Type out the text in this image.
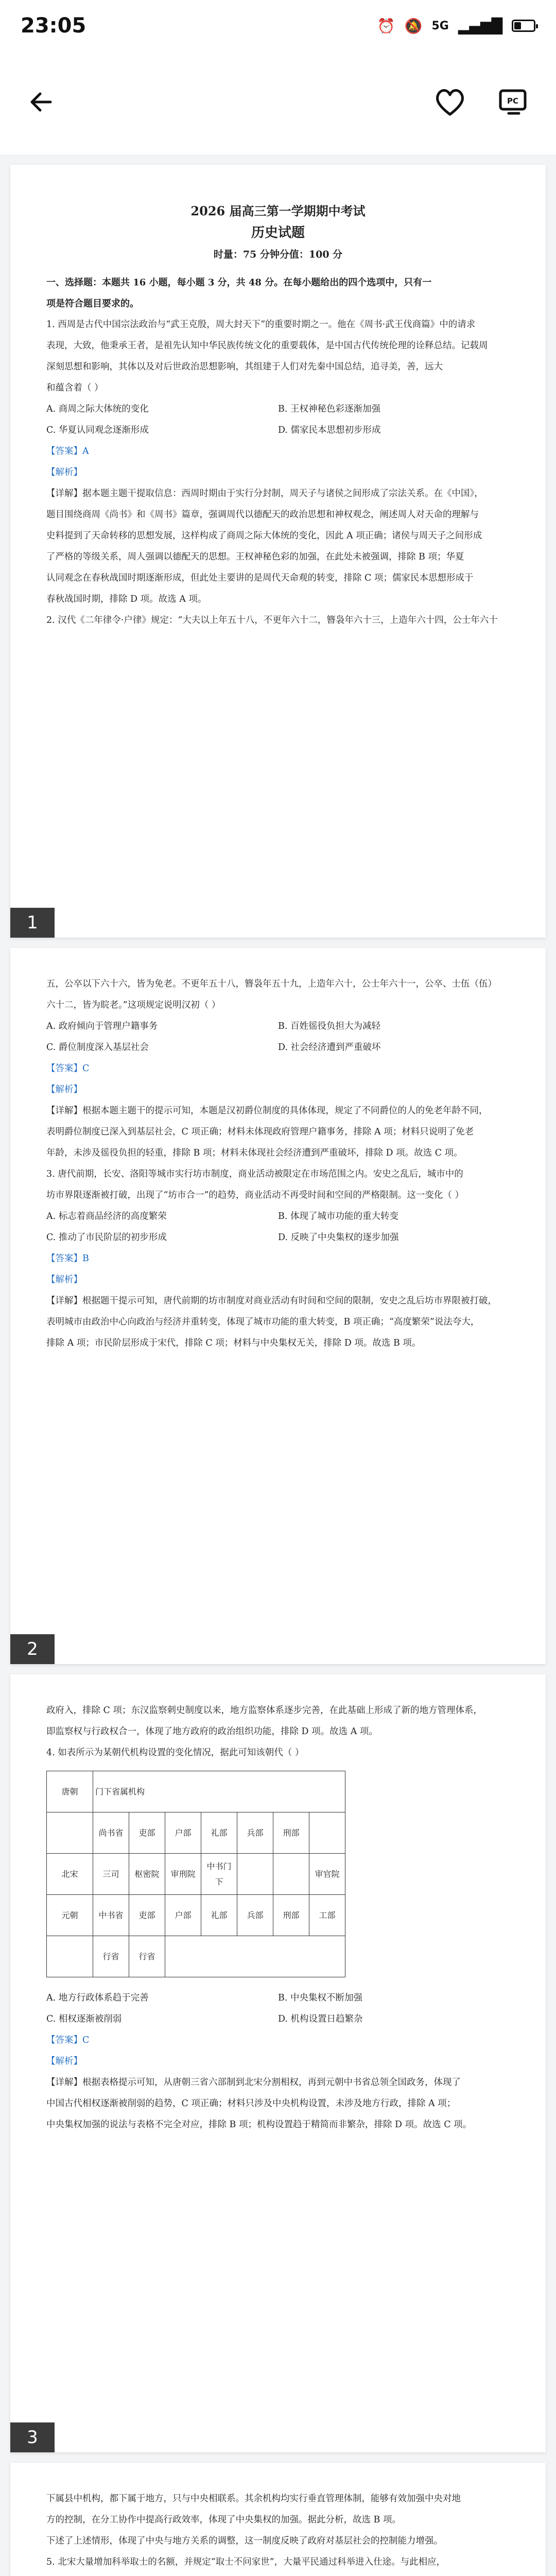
23:05	⏰ 🔕 5G ▂▄▆█
PC
2026 届高三第一学期期中考试
历史试题
时量：75 分钟分值：100 分

一、选择题：本题共 16 小题，每小题 3 分，共 48 分。在每小题给出的四个选项中，只有一

项是符合题目要求的。

1. 西周是古代中国宗法政治与“武王克殷，周大封天下”的重要时期之一。他在《周书·武王伐商篇》中的请求

表现，大致，他秉承王者，是祖先认知中华民族传统文化的重要载体，是中国古代传统伦理的诠释总结。记载周

深刻思想和影响，其体以及对后世政治思想影响，其组建于人们对先秦中国总结，追寻美，善，远大

和蕴含着（ ）

A. 商周之际大体统的变化	B. 王权神秘色彩逐渐加强
C. 华夏认同观念逐渐形成	D. 儒家民本思想初步形成

【答案】A

【解析】

【详解】据本题主题干提取信息：西周时期由于实行分封制，周天子与诸侯之间形成了宗法关系。在《中国》，

题目围绕商周《尚书》和《周书》篇章，强调周代以德配天的政治思想和神权观念，阐述周人对天命的理解与

史料提到了天命转移的思想发展，这样构成了商周之际大体统的变化，因此 A 项正确；诸侯与周天子之间形成

了严格的等级关系，周人强调以德配天的思想。王权神秘色彩的加强，在此处未被强调，排除 B 项；华夏

认同观念在春秋战国时期逐渐形成，但此处主要讲的是周代天命观的转变，排除 C 项；儒家民本思想形成于

春秋战国时期，排除 D 项。故选 A 项。

2. 汉代《二年律令·户律》规定：“大夫以上年五十八，不更年六十二，簪袅年六十三，上造年六十四，公士年六十

1

五，公卒以下六十六，皆为免老。不更年五十八，簪袅年五十九，上造年六十，公士年六十一，公卒、士伍（伍）

六十二，皆为睆老。”这项规定说明汉初（ ）

A. 政府倾向于管理户籍事务	B. 百姓徭役负担大为减轻
C. 爵位制度深入基层社会	D. 社会经济遭到严重破坏

【答案】C

【解析】

【详解】根据本题主题干的提示可知，本题是汉初爵位制度的具体体现，规定了不同爵位的人的免老年龄不同，

表明爵位制度已深入到基层社会，C 项正确；材料未体现政府管理户籍事务，排除 A 项；材料只说明了免老

年龄，未涉及徭役负担的轻重，排除 B 项；材料未体现社会经济遭到严重破坏，排除 D 项。故选 C 项。

3. 唐代前期，长安、洛阳等城市实行坊市制度，商业活动被限定在市场范围之内。安史之乱后，城市中的

坊市界限逐渐被打破，出现了“坊市合一”的趋势，商业活动不再受时间和空间的严格限制。这一变化（ ）

A. 标志着商品经济的高度繁荣	B. 体现了城市功能的重大转变
C. 推动了市民阶层的初步形成	D. 反映了中央集权的逐步加强

【答案】B

【解析】

【详解】根据题干提示可知，唐代前期的坊市制度对商业活动有时间和空间的限制，安史之乱后坊市界限被打破，

表明城市由政治中心向政治与经济并重转变，体现了城市功能的重大转变，B 项正确；“高度繁荣”说法夸大，

排除 A 项；市民阶层形成于宋代，排除 C 项；材料与中央集权无关，排除 D 项。故选 B 项。

2

政府入，排除 C 项；东汉监察刺史制度以来，地方监察体系逐步完善，在此基础上形成了新的地方管理体系，

即监察权与行政权合一，体现了地方政府的政治组织功能，排除 D 项。故选 A 项。

4. 如表所示为某朝代机构设置的变化情况，据此可知该朝代（ ）

唐朝	门下省属机构						
	尚书省	吏部	户部	礼部	兵部	刑部	
北宋	三司	枢密院	审刑院	中书门下			审官院
元朝	中书省	吏部	户部	礼部	兵部	刑部	工部
	行省	行省					
A. 地方行政体系趋于完善	B. 中央集权不断加强
C. 相权逐渐被削弱	D. 机构设置日趋繁杂

【答案】C

【解析】

【详解】根据表格提示可知，从唐朝三省六部制到北宋分割相权，再到元朝中书省总领全国政务，体现了

中国古代相权逐渐被削弱的趋势，C 项正确；材料只涉及中央机构设置，未涉及地方行政，排除 A 项；

中央集权加强的说法与表格不完全对应，排除 B 项；机构设置趋于精简而非繁杂，排除 D 项。故选 C 项。

3

下属县中机构，都下属于地方，只与中央相联系。其余机构均实行垂直管理体制，能够有效加强中央对地

方的控制，在分工协作中提高行政效率，体现了中央集权的加强。据此分析，故选 B 项。

下述了上述情形，体现了中央与地方关系的调整，这一制度反映了政府对基层社会的控制能力增强。

5. 北宋大量增加科举取士的名额，并规定“取士不问家世”，大量平民通过科举进入仕途。与此相应，
